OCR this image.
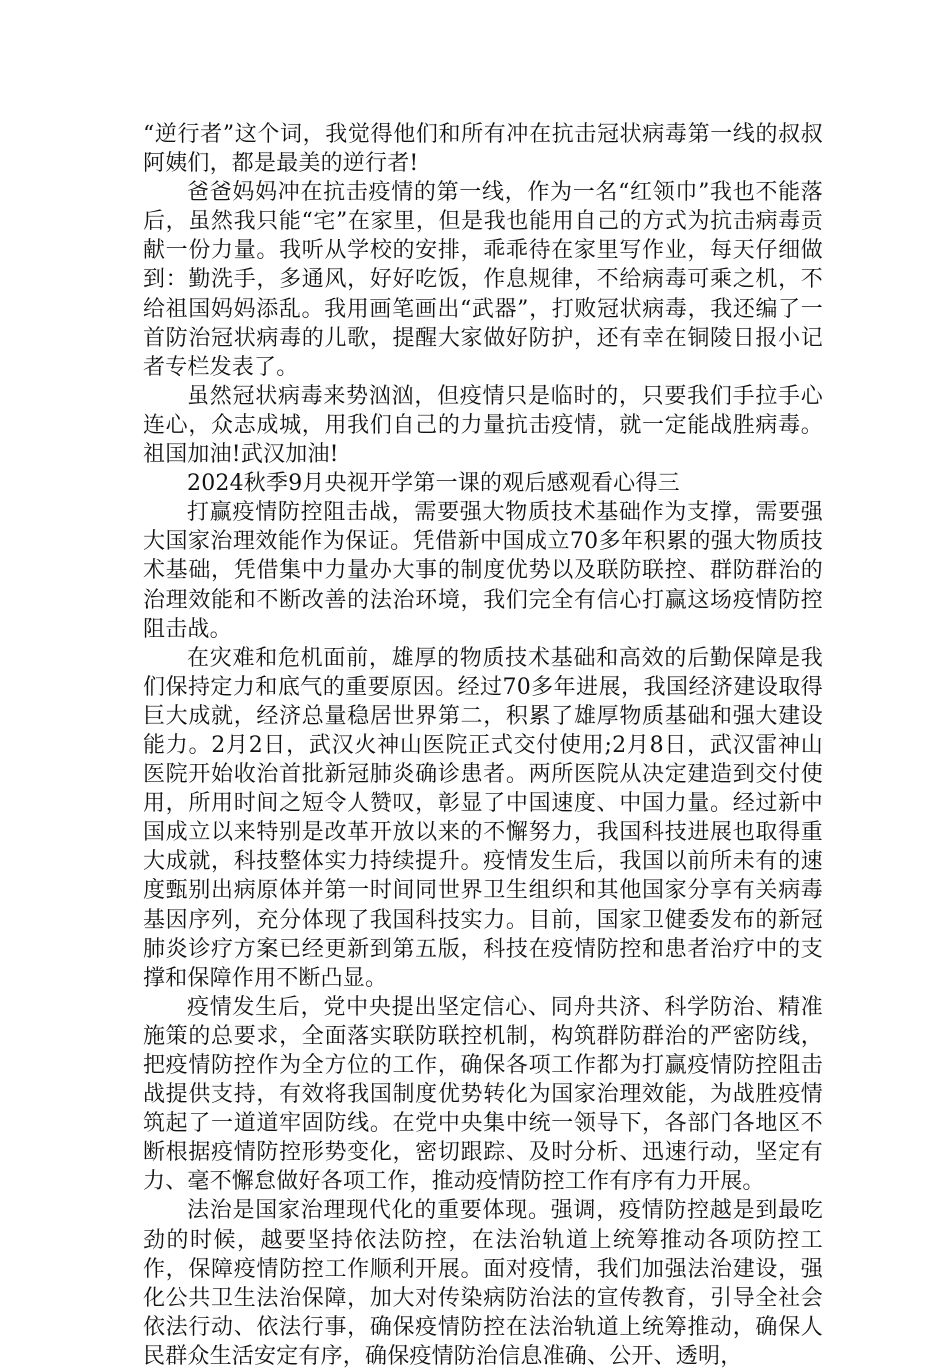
“逆行者”这个词，我觉得他们和所有冲在抗击冠状病毒第一线的叔叔阿姨们，都是最美的逆行者!

爸爸妈妈冲在抗击疫情的第一线，作为一名“红领巾”我也不能落后，虽然我只能“宅”在家里，但是我也能用自己的方式为抗击病毒贡献一份力量。我听从学校的安排，乖乖待在家里写作业，每天仔细做到：勤洗手，多通风，好好吃饭，作息规律，不给病毒可乘之机，不给祖国妈妈添乱。我用画笔画出“武器”，打败冠状病毒，我还编了一首防治冠状病毒的儿歌，提醒大家做好防护，还有幸在铜陵日报小记者专栏发表了。

虽然冠状病毒来势汹汹，但疫情只是临时的，只要我们手拉手心连心，众志成城，用我们自己的力量抗击疫情，就一定能战胜病毒。祖国加油!武汉加油!

2024秋季9月央视开学第一课的观后感观看心得三

打赢疫情防控阻击战，需要强大物质技术基础作为支撑，需要强大国家治理效能作为保证。凭借新中国成立70多年积累的强大物质技术基础，凭借集中力量办大事的制度优势以及联防联控、群防群治的治理效能和不断改善的法治环境，我们完全有信心打赢这场疫情防控阻击战。

在灾难和危机面前，雄厚的物质技术基础和高效的后勤保障是我们保持定力和底气的重要原因。经过70多年进展，我国经济建设取得巨大成就，经济总量稳居世界第二，积累了雄厚物质基础和强大建设能力。2月2日，武汉火神山医院正式交付使用;2月8日，武汉雷神山医院开始收治首批新冠肺炎确诊患者。两所医院从决定建造到交付使用，所用时间之短令人赞叹，彰显了中国速度、中国力量。经过新中国成立以来特别是改革开放以来的不懈努力，我国科技进展也取得重大成就，科技整体实力持续提升。疫情发生后，我国以前所未有的速度甄别出病原体并第一时间同世界卫生组织和其他国家分享有关病毒基因序列，充分体现了我国科技实力。目前，国家卫健委发布的新冠肺炎诊疗方案已经更新到第五版，科技在疫情防控和患者治疗中的支撑和保障作用不断凸显。

疫情发生后，党中央提出坚定信心、同舟共济、科学防治、精准施策的总要求，全面落实联防联控机制，构筑群防群治的严密防线，把疫情防控作为全方位的工作，确保各项工作都为打赢疫情防控阻击战提供支持，有效将我国制度优势转化为国家治理效能，为战胜疫情筑起了一道道牢固防线。在党中央集中统一领导下，各部门各地区不断根据疫情防控形势变化，密切跟踪、及时分析、迅速行动，坚定有力、毫不懈怠做好各项工作，推动疫情防控工作有序有力开展。

法治是国家治理现代化的重要体现。强调，疫情防控越是到最吃劲的时候，越要坚持依法防控，在法治轨道上统筹推动各项防控工作，保障疫情防控工作顺利开展。面对疫情，我们加强法治建设，强化公共卫生法治保障，加大对传染病防治法的宣传教育，引导全社会依法行动、依法行事，确保疫情防控在法治轨道上统筹推动，确保人民群众生活安定有序，确保疫情防治信息准确、公开、透明，
